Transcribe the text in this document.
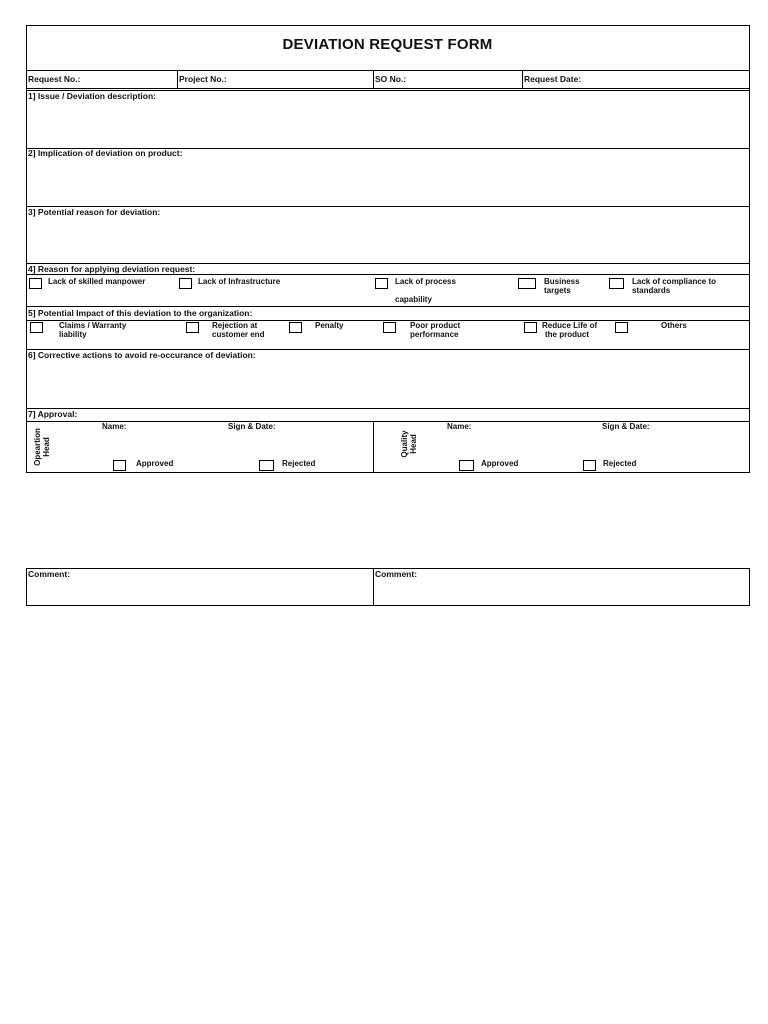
DEVIATION REQUEST FORM
Request No.:	Project No.:	SO No.:	Request Date:
1] Issue / Deviation description:
2] Implication of deviation on product:
3] Potential reason for deviation:
4] Reason for applying deviation request:
Lack of skilled manpower	Lack of Infrastructure	Lack of process
capability
Business
targets
Lack of compliance to
standards
5] Potential Impact of this deviation to the organization:
Claims / Warranty
liability
Rejection at
customer end
Penalty	Poor product
performance
Reduce Life of
the product
Others
6] Corrective actions to avoid re-occurance of deviation:
7] Approval:
Opeartion Head
Name:	Sign & Date:
Approved	Rejected
Quality Head
Name:	Sign & Date:
Approved	Rejected
Comment:	Comment:
